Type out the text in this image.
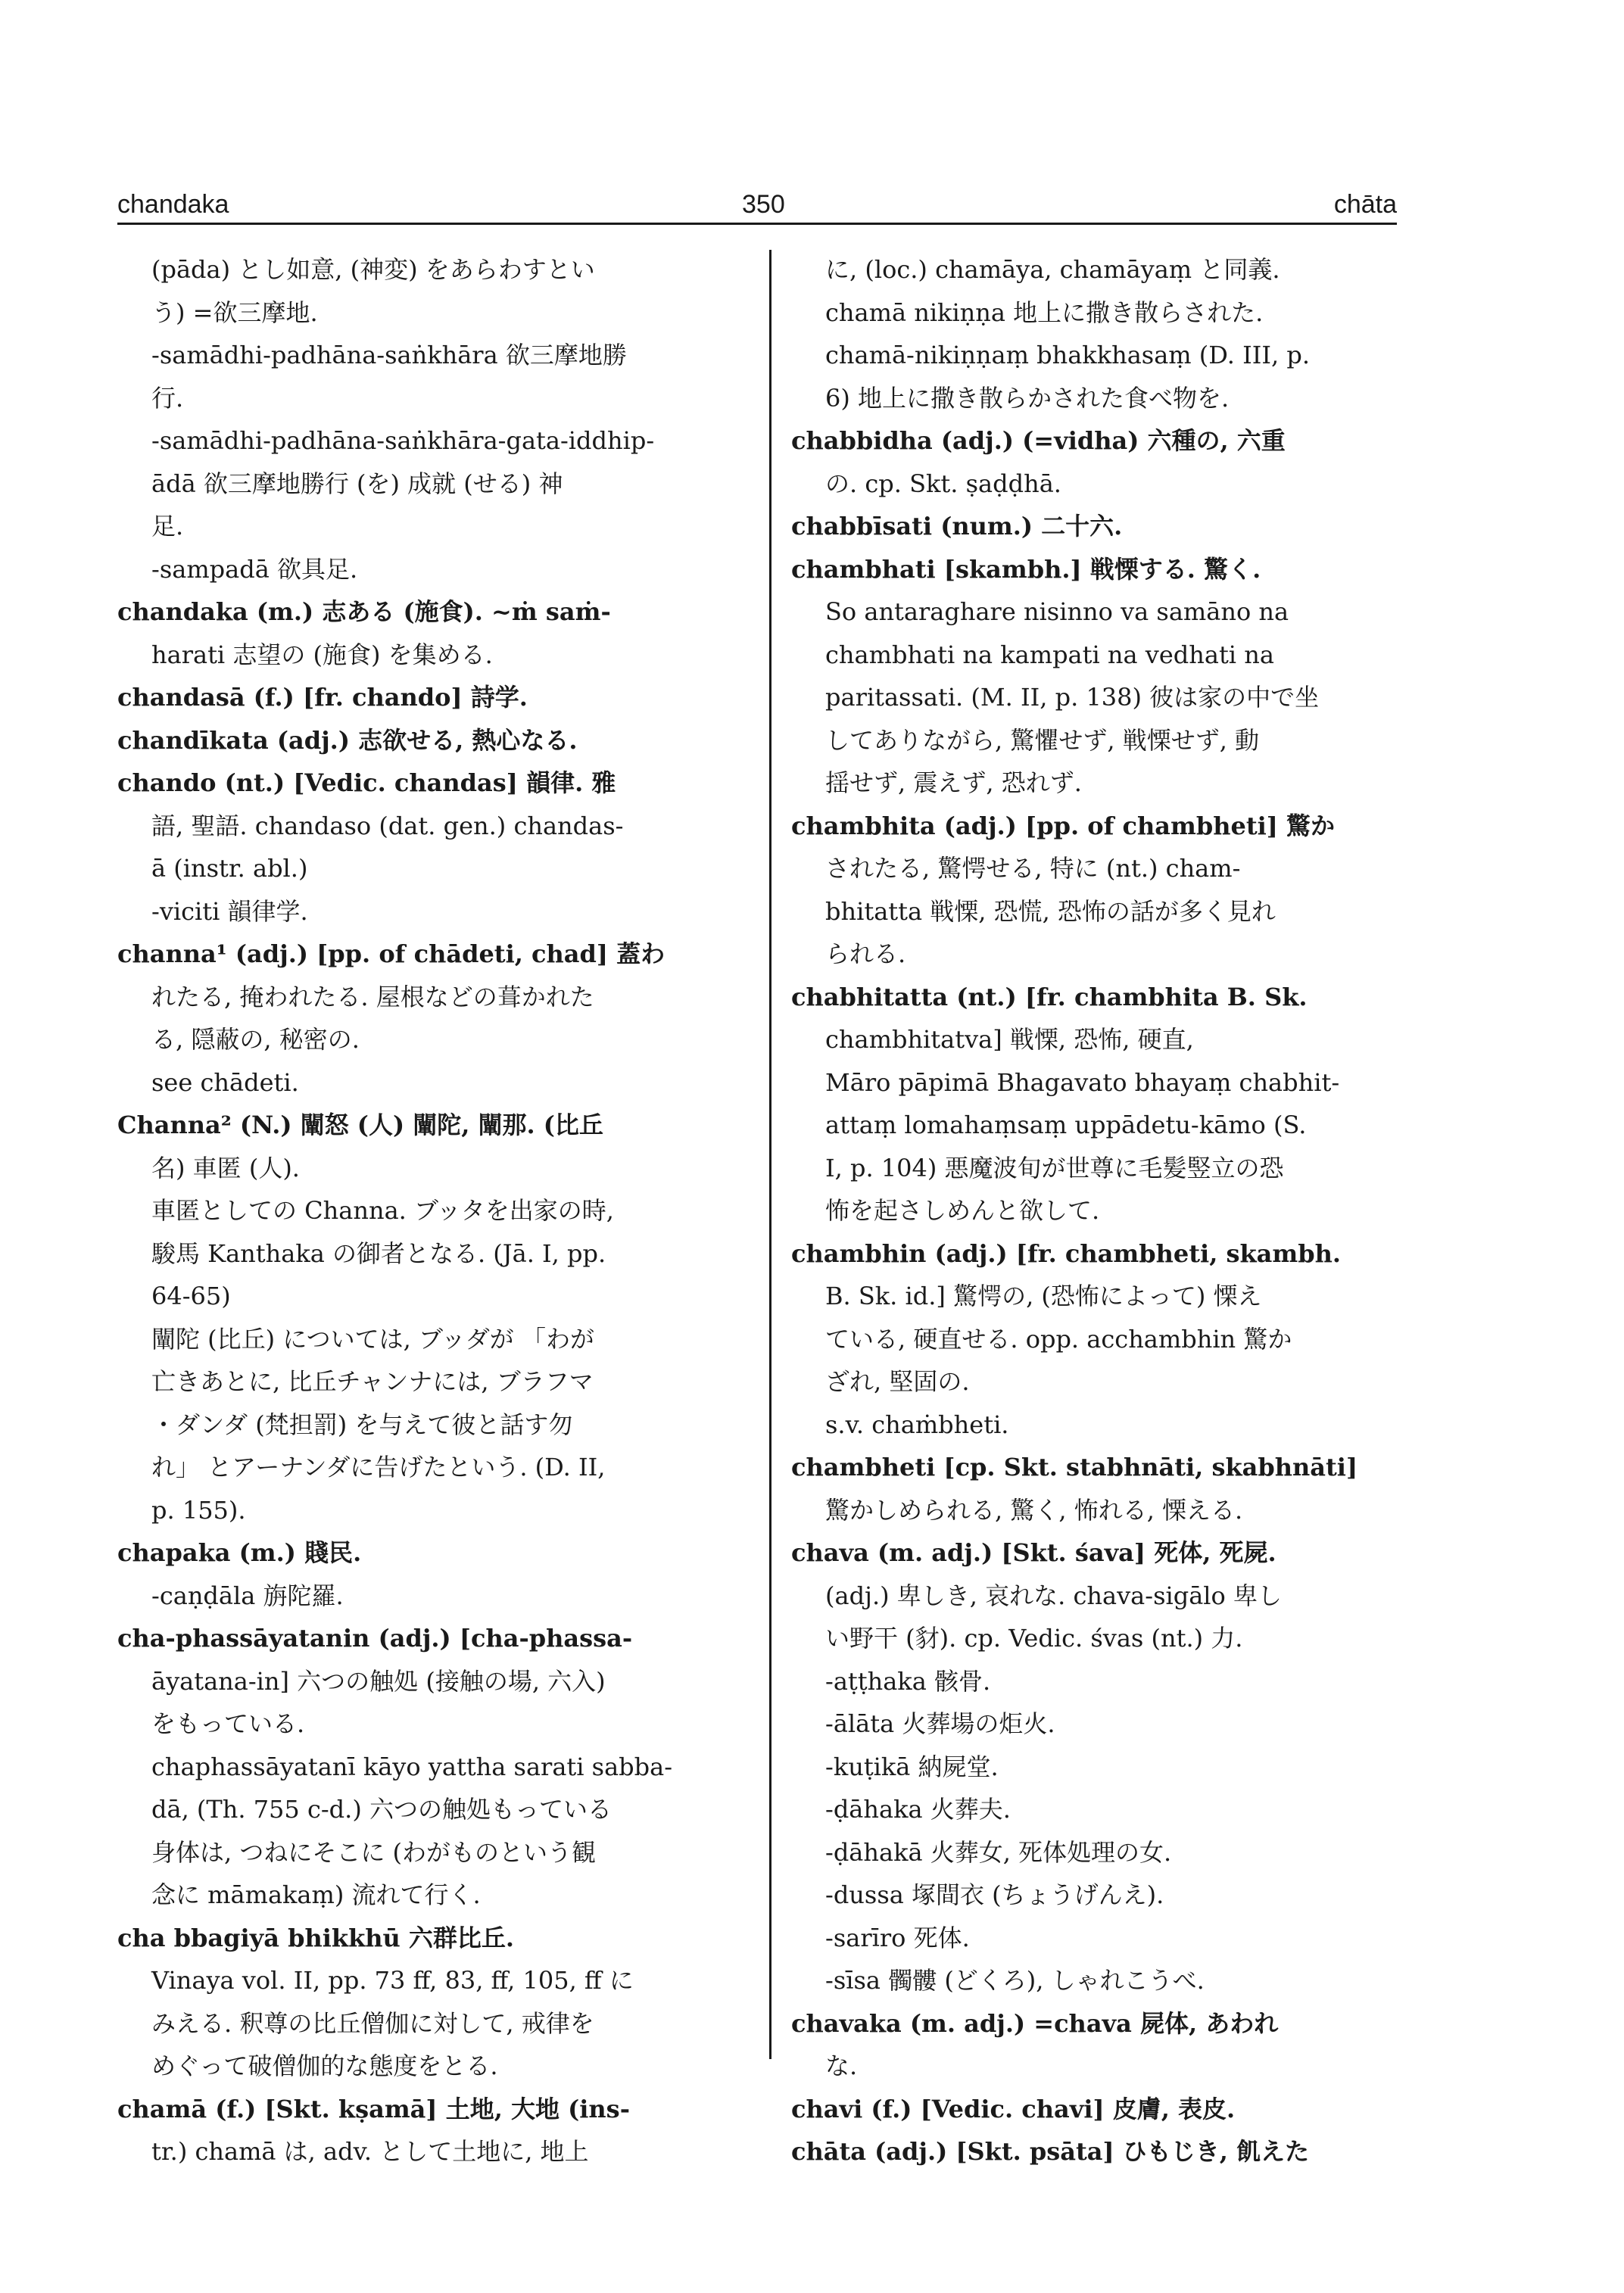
chandaka	350	chāta
(pāda) とし如意, (神変) をあらわすとい
う) =欲三摩地.
-samādhi-padhāna-saṅkhāra 欲三摩地勝
行.
-samādhi-padhāna-saṅkhāra-gata-iddhip-
ādā 欲三摩地勝行 (を) 成就 (せる) 神
足.
-sampadā 欲具足.
chandaka (m.) 志ある (施食). ~ṁ saṁ-
harati 志望の (施食) を集める.
chandasā (f.) [fr. chando] 詩学.
chandīkata (adj.) 志欲せる, 熱心なる.
chando (nt.) [Vedic. chandas] 韻律. 雅
語, 聖語. chandaso (dat. gen.) chandas-
ā (instr. abl.)
-viciti 韻律学.
channa¹ (adj.) [pp. of chādeti, chad] 蓋わ
れたる, 掩われたる. 屋根などの葺かれた
る, 隠蔽の, 秘密の.
see chādeti.
Channa² (N.) 闡怒 (人) 闡陀, 闡那. (比丘
名) 車匿 (人).
車匿としての Channa. ブッタを出家の時,
駿馬 Kanthaka の御者となる. (Jā. I, pp.
64-65)
闡陀 (比丘) については, ブッダが 「わが
亡きあとに, 比丘チャンナには, ブラフマ
・ダンダ (梵担罰) を与えて彼と話す勿
れ」 とアーナンダに告げたという. (D. II,
p. 155).
chapaka (m.) 賤民.
-caṇḍāla 旃陀羅.
cha-phassāyatanin (adj.) [cha-phassa-
āyatana-in] 六つの触処 (接触の場, 六入)
をもっている.
chaphassāyatanī kāyo yattha sarati sabba-
dā, (Th. 755 c-d.) 六つの触処もっている
身体は, つねにそこに (わがものという観
念に māmakaṃ) 流れて行く.
cha bbagiyā bhikkhū 六群比丘.
Vinaya vol. II, pp. 73 ff, 83, ff, 105, ff に
みえる. 釈尊の比丘僧伽に対して, 戒律を
めぐって破僧伽的な態度をとる.
chamā (f.) [Skt. kṣamā] 土地, 大地 (ins-
tr.) chamā は, adv. として土地に, 地上
に, (loc.) chamāya, chamāyaṃ と同義.
chamā nikiṇṇa 地上に撒き散らされた.
chamā-nikiṇṇaṃ bhakkhasaṃ (D. III, p.
6) 地上に撒き散らかされた食べ物を.
chabbidha (adj.) (=vidha) 六種の, 六重
の. cp. Skt. ṣaḍḍhā.
chabbīsati (num.) 二十六.
chambhati [skambh.] 戦慄する. 驚く.
So antaraghare nisinno va samāno na
chambhati na kampati na vedhati na
paritassati. (M. II, p. 138) 彼は家の中で坐
してありながら, 驚懼せず, 戦慄せず, 動
揺せず, 震えず, 恐れず.
chambhita (adj.) [pp. of chambheti] 驚か
されたる, 驚愕せる, 特に (nt.) cham-
bhitatta 戦慄, 恐慌, 恐怖の話が多く見れ
られる.
chabhitatta (nt.) [fr. chambhita B. Sk.
chambhitatva] 戦慄, 恐怖, 硬直,
Māro pāpimā Bhagavato bhayaṃ chabhit-
attaṃ lomahaṃsaṃ uppādetu-kāmo (S.
I, p. 104) 悪魔波旬が世尊に毛髪竪立の恐
怖を起さしめんと欲して.
chambhin (adj.) [fr. chambheti, skambh.
B. Sk. id.] 驚愕の, (恐怖によって) 慄え
ている, 硬直せる. opp. acchambhin 驚か
ざれ, 堅固の.
s.v. chaṁbheti.
chambheti [cp. Skt. stabhnāti, skabhnāti]
驚かしめられる, 驚く, 怖れる, 慄える.
chava (m. adj.) [Skt. śava] 死体, 死屍.
(adj.) 卑しき, 哀れな. chava-sigālo 卑し
い野干 (豺). cp. Vedic. śvas (nt.) 力.
-aṭṭhaka 骸骨.
-ālāta 火葬場の炬火.
-kuṭikā 納屍堂.
-ḍāhaka 火葬夫.
-ḍāhakā 火葬女, 死体処理の女.
-dussa 塚間衣 (ちょうげんえ).
-sarīro 死体.
-sīsa 髑髏 (どくろ), しゃれこうべ.
chavaka (m. adj.) =chava 屍体, あわれ
な.
chavi (f.) [Vedic. chavi] 皮膚, 表皮.
chāta (adj.) [Skt. psāta] ひもじき, 飢えた
